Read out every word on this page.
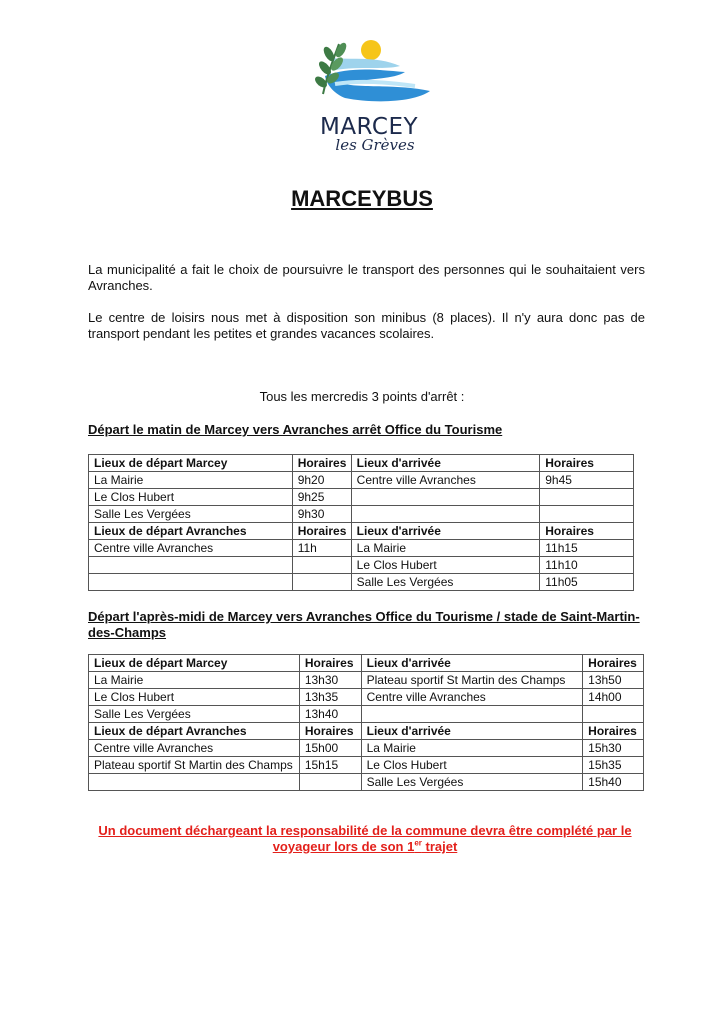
MARCEY
les Grèves
MARCEYBUS

La municipalité a fait le choix de poursuivre le transport des personnes qui le souhaitaient vers Avranches.

Le centre de loisirs nous met à disposition son minibus (8 places). Il n'y aura donc pas de transport pendant les petites et grandes vacances scolaires.

Tous les mercredis 3 points d'arrêt :

Départ le matin de Marcey vers Avranches arrêt Office du Tourisme

Lieux de départ Marcey	Horaires	Lieux d'arrivée	Horaires
La Mairie	9h20	Centre ville Avranches	9h45
Le Clos Hubert	9h25		
Salle Les Vergées	9h30		
Lieux de départ Avranches	Horaires	Lieux d'arrivée	Horaires
Centre ville Avranches	11h	La Mairie	11h15
		Le Clos Hubert	11h10
		Salle Les Vergées	11h05

Départ l'après-midi de Marcey vers Avranches Office du Tourisme / stade de Saint-Martin-des-Champs

Lieux de départ Marcey	Horaires	Lieux d'arrivée	Horaires
La Mairie	13h30	Plateau sportif St Martin des Champs	13h50
Le Clos Hubert	13h35	Centre ville Avranches	14h00
Salle Les Vergées	13h40		
Lieux de départ Avranches	Horaires	Lieux d'arrivée	Horaires
Centre ville Avranches	15h00	La Mairie	15h30
Plateau sportif St Martin des Champs	15h15	Le Clos Hubert	15h35
		Salle Les Vergées	15h40
Un document déchargeant la responsabilité de la commune devra être complété par le voyageur lors de son 1er trajet
